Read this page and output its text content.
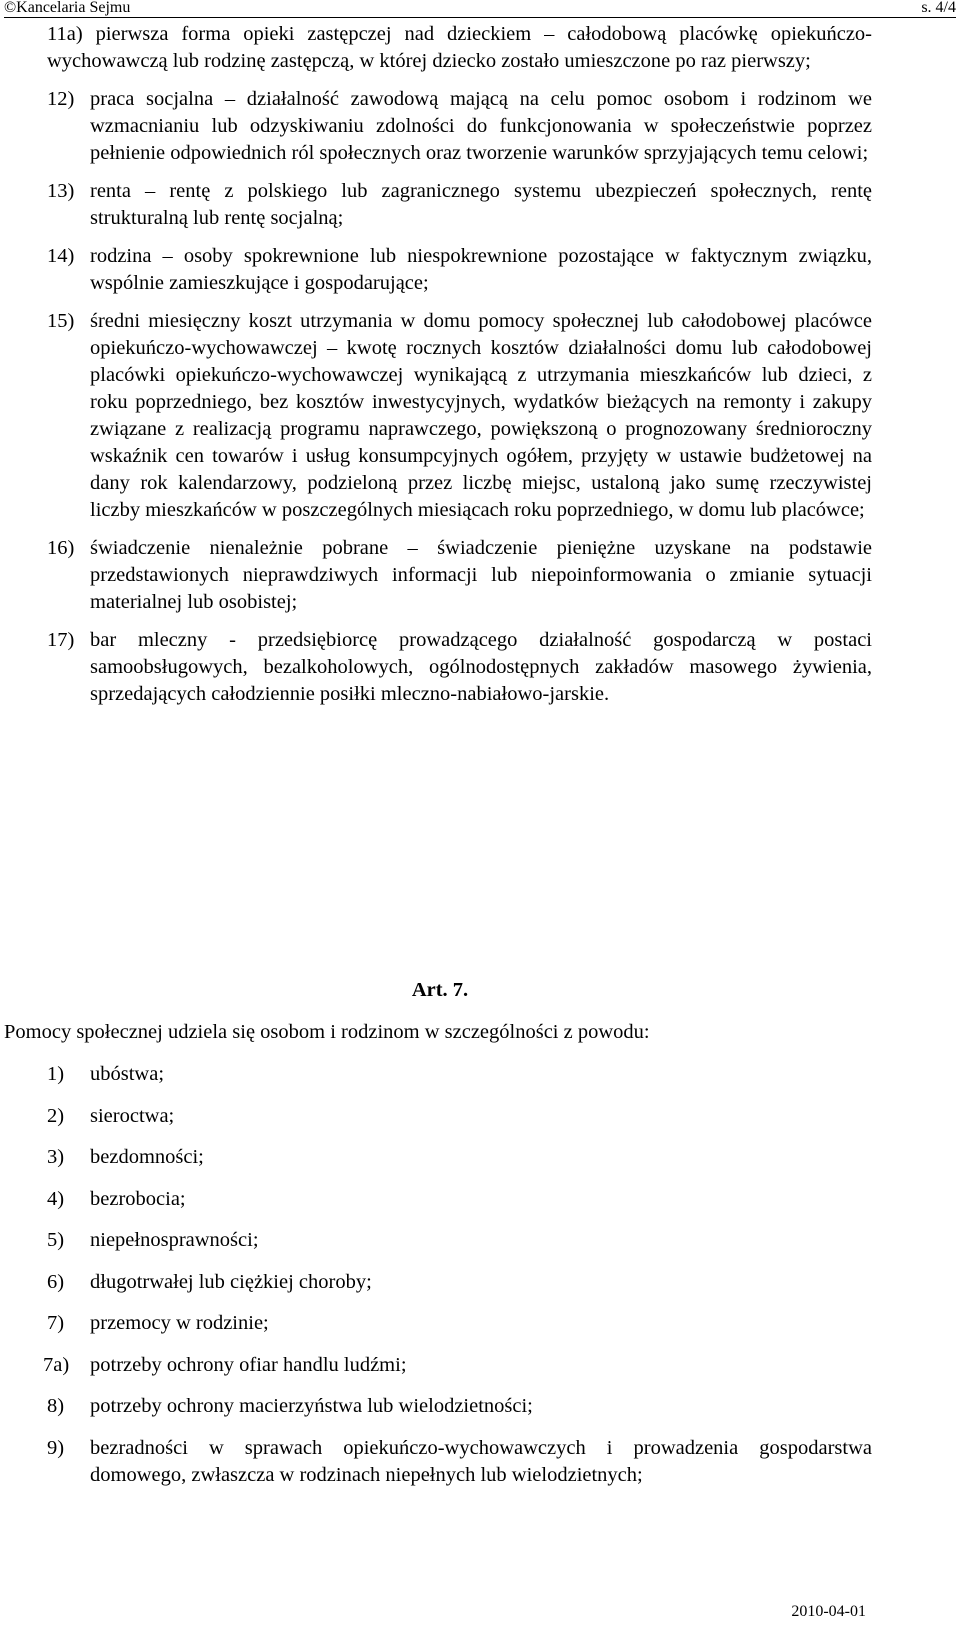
©Kancelaria Sejmu	s. 4/4
11a) pierwsza forma opieki zastępczej nad dzieckiem – całodobową placówkę opiekuńczo-wychowawczą lub rodzinę zastępczą, w której dziecko zostało umieszczone po raz pierwszy;
12) praca socjalna – działalność zawodową mającą na celu pomoc osobom i rodzinom we wzmacnianiu lub odzyskiwaniu zdolności do funkcjonowania w społeczeństwie poprzez pełnienie odpowiednich ról społecznych oraz tworzenie warunków sprzyjających temu celowi;
13) renta – rentę z polskiego lub zagranicznego systemu ubezpieczeń społecznych, rentę strukturalną lub rentę socjalną;
14) rodzina – osoby spokrewnione lub niespokrewnione pozostające w faktycznym związku, wspólnie zamieszkujące i gospodarujące;
15) średni miesięczny koszt utrzymania w domu pomocy społecznej lub całodobowej placówce opiekuńczo-wychowawczej – kwotę rocznych kosztów działalności domu lub całodobowej placówki opiekuńczo-wychowawczej wynikającą z utrzymania mieszkańców lub dzieci, z roku poprzedniego, bez kosztów inwestycyjnych, wydatków bieżących na remonty i zakupy związane z realizacją programu naprawczego, powiększoną o prognozowany średnioroczny wskaźnik cen towarów i usług konsumpcyjnych ogółem, przyjęty w ustawie budżetowej na dany rok kalendarzowy, podzieloną przez liczbę miejsc, ustaloną jako sumę rzeczywistej liczby mieszkańców w poszczególnych miesiącach roku poprzedniego, w domu lub placówce;
16) świadczenie nienależnie pobrane – świadczenie pieniężne uzyskane na podstawie przedstawionych nieprawdziwych informacji lub niepoinformowania o zmianie sytuacji materialnej lub osobistej;
17) bar mleczny - przedsiębiorcę prowadzącego działalność gospodarczą w postaci samoobsługowych, bezalkoholowych, ogólnodostępnych zakładów masowego żywienia, sprzedających całodziennie posiłki mleczno-nabiałowo-jarskie.
Art. 7.
Pomocy społecznej udziela się osobom i rodzinom w szczególności z powodu:
1) ubóstwa;
2) sieroctwa;
3) bezdomności;
4) bezrobocia;
5) niepełnosprawności;
6) długotrwałej lub ciężkiej choroby;
7) przemocy w rodzinie;
7a) potrzeby ochrony ofiar handlu ludźmi;
8) potrzeby ochrony macierzyństwa lub wielodzietności;
9) bezradności w sprawach opiekuńczo-wychowawczych i prowadzenia gospodarstwa domowego, zwłaszcza w rodzinach niepełnych lub wielodzietnych;
2010-04-01
